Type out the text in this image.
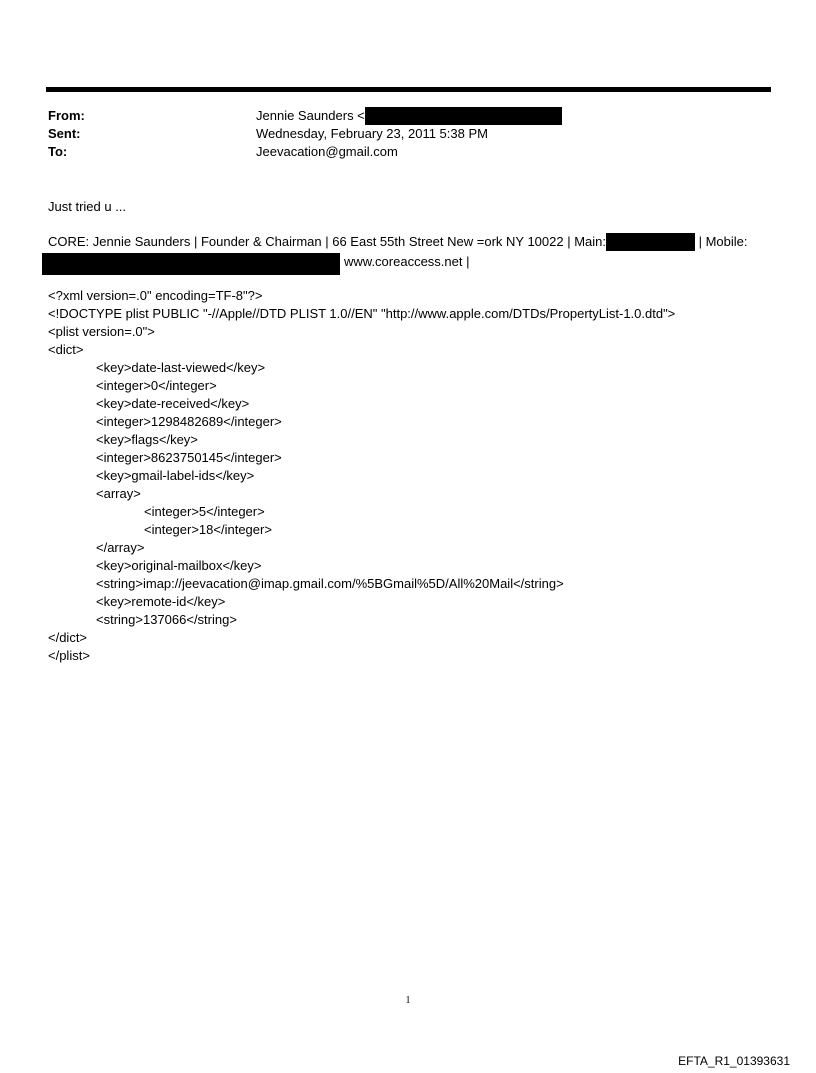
From:	Jennie Saunders <
Sent:	Wednesday, February 23, 2011 5:38 PM
To:	Jeevacation@gmail.com
Just tried u ...
CORE: Jennie Saunders | Founder & Chairman | 66 East 55th Street New =ork NY 10022 | Main:	| Mobile:
www.coreaccess.net |
<?xml version=.0" encoding=TF-8"?>
<!DOCTYPE plist PUBLIC "-//Apple//DTD PLIST 1.0//EN" "http://www.apple.com/DTDs/PropertyList-1.0.dtd">
<plist version=.0">
<dict>
<key>date-last-viewed</key>
<integer>0</integer>
<key>date-received</key>
<integer>1298482689</integer>
<key>flags</key>
<integer>8623750145</integer>
<key>gmail-label-ids</key>
<array>
<integer>5</integer>
<integer>18</integer>
</array>
<key>original-mailbox</key>
<string>imap://jeevacation@imap.gmail.com/%5BGmail%5D/All%20Mail</string>
<key>remote-id</key>
<string>137066</string>
</dict>
</plist>
1
EFTA_R1_01393631
